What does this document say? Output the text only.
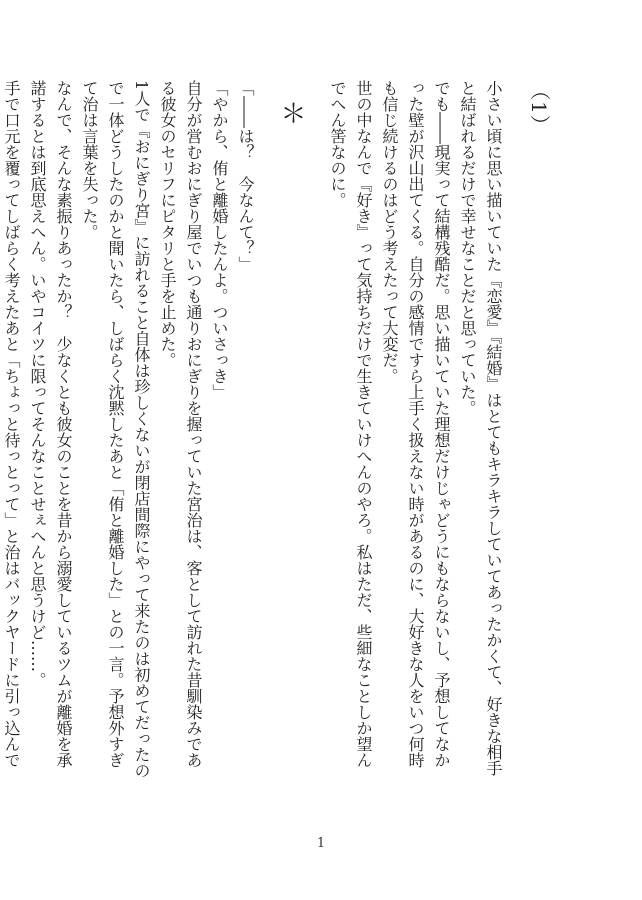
（1）

小さい頃に思い描いていた『恋愛』『結婚』はとてもキラキラしていてあったかくて、好きな相手と結ばれるだけで幸せなことだと思っていた。

でも――現実って結構残酷だ。思い描いていた理想だけじゃどうにもならないし、予想してなかった壁が沢山出てくる。自分の感情ですら上手く扱えない時があるのに、大好きな人をいつ何時も信じ続けるのはどう考えたって大変だ。

世の中なんで『好き』って気持ちだけで生きていけへんのやろ。私はただ、些細なことしか望んでへん筈なのに。

＊

「――は？　今なんて？」

「やから、侑と離婚したんよ。ついさっき」

自分が営むおにぎり屋でいつも通りおにぎりを握っていた宮治は、客として訪れた昔馴染みである彼女のセリフにピタリと手を止めた。

1人で『おにぎり宮』に訪れること自体は珍しくないが閉店間際にやって来たのは初めてだったので一体どうしたのかと聞いたら、しばらく沈黙したあと「侑と離婚した」との一言。予想外すぎて治は言葉を失った。

なんで、そんな素振りあったか？　少なくとも彼女のことを昔から溺愛しているツムが離婚を承諾するとは到底思えへん。いやコイツに限ってそんなことせぇへんと思うけど……。

手で口元を覆ってしばらく考えたあと「ちょっと待っとって」と治はバックヤードに引っ込んで

1
